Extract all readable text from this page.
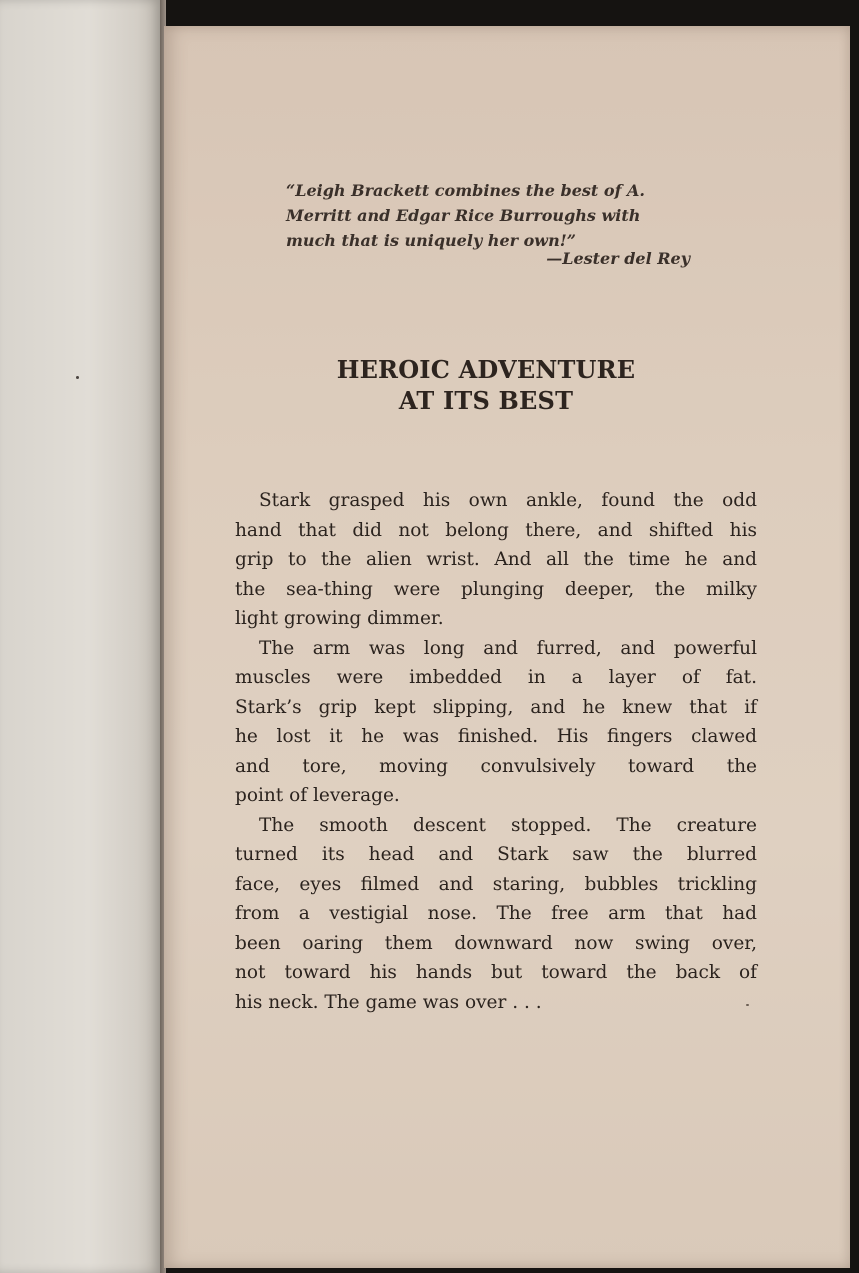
“Leigh Brackett combines the best of A.
Merritt and Edgar Rice Burroughs with
much that is uniquely her own!”
—Lester del Rey
HEROIC ADVENTURE
AT ITS BEST

Stark grasped his own ankle, found the odd
hand that did not belong there, and shifted his
grip to the alien wrist. And all the time he and
the sea-thing were plunging deeper, the milky
light growing dimmer.

The arm was long and furred, and powerful
muscles were imbedded in a layer of fat.
Stark’s grip kept slipping, and he knew that if
he lost it he was finished. His fingers clawed
and tore, moving convulsively toward the
point of leverage.

The smooth descent stopped. The creature
turned its head and Stark saw the blurred
face, eyes filmed and staring, bubbles trickling
from a vestigial nose. The free arm that had
been oaring them downward now swing over,
not toward his hands but toward the back of
his neck. The game was over . . .
